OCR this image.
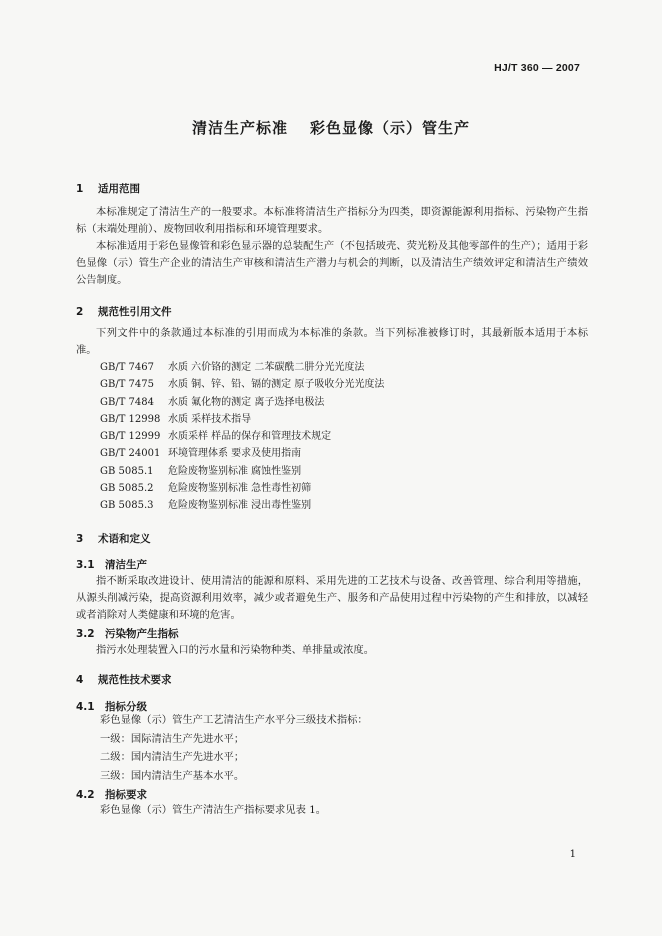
HJ/T 360 — 2007
清洁生产标准 彩色显像（示）管生产
1 适用范围
本标准规定了清洁生产的一般要求。本标准将清洁生产指标分为四类，即资源能源利用指标、污染物产生指标（末端处理前）、废物回收利用指标和环境管理要求。
本标准适用于彩色显像管和彩色显示器的总装配生产（不包括玻壳、荧光粉及其他零部件的生产）；适用于彩色显像（示）管生产企业的清洁生产审核和清洁生产潜力与机会的判断，以及清洁生产绩效评定和清洁生产绩效公告制度。
2 规范性引用文件
下列文件中的条款通过本标准的引用而成为本标准的条款。当下列标准被修订时，其最新版本适用于本标准。
GB/T 7467 水质 六价铬的测定 二苯碳酰二肼分光光度法
GB/T 7475 水质 铜、锌、铅、镉的测定 原子吸收分光光度法
GB/T 7484 水质 氟化物的测定 离子选择电极法
GB/T 12998 水质 采样技术指导
GB/T 12999 水质采样 样品的保存和管理技术规定
GB/T 24001 环境管理体系 要求及使用指南
GB 5085.1 危险废物鉴别标准 腐蚀性鉴别
GB 5085.2 危险废物鉴别标准 急性毒性初筛
GB 5085.3 危险废物鉴别标准 浸出毒性鉴别
3 术语和定义
3.1 清洁生产
指不断采取改进设计、使用清洁的能源和原料、采用先进的工艺技术与设备、改善管理、综合利用等措施，从源头削减污染，提高资源利用效率，减少或者避免生产、服务和产品使用过程中污染物的产生和排放，以减轻或者消除对人类健康和环境的危害。
3.2 污染物产生指标
指污水处理装置入口的污水量和污染物种类、单排量或浓度。
4 规范性技术要求
4.1 指标分级
彩色显像（示）管生产工艺清洁生产水平分三级技术指标：
一级：国际清洁生产先进水平；
二级：国内清洁生产先进水平；
三级：国内清洁生产基本水平。
4.2 指标要求
彩色显像（示）管生产清洁生产指标要求见表 1。
1
